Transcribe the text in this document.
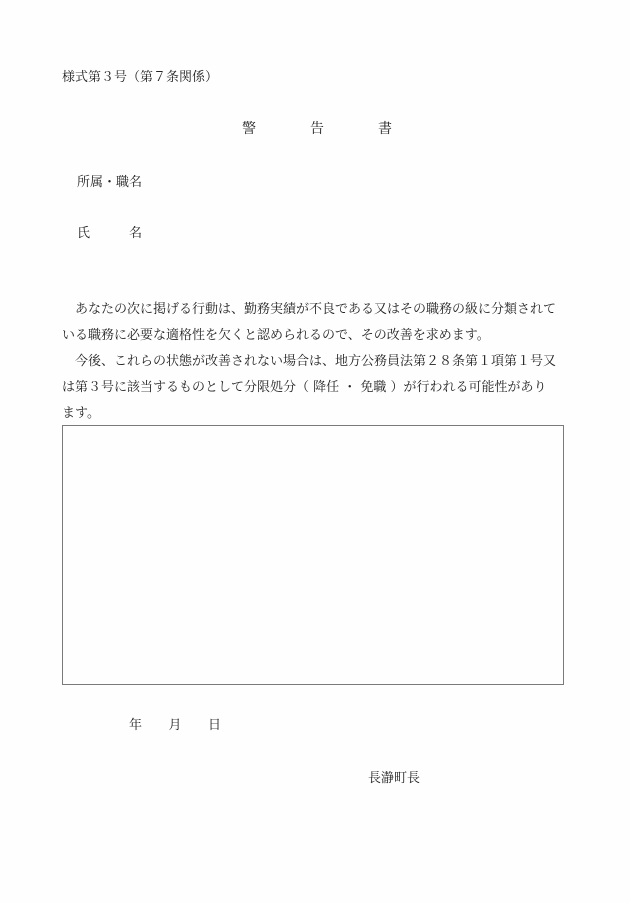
様式第３号（第７条関係）
警	告	書
所属・職名
氏	名

あなたの次に掲げる行動は、勤務実績が不良である又はその職務の級に分類されて

いる職務に必要な適格性を欠くと認められるので、その改善を求めます。

今後、これらの状態が改善されない場合は、地方公務員法第２８条第１項第１号又

は第３号に該当するものとして分限処分（ 降任 ・ 免職 ）が行われる可能性があり

ます。

年 月 日
長瀞町長
